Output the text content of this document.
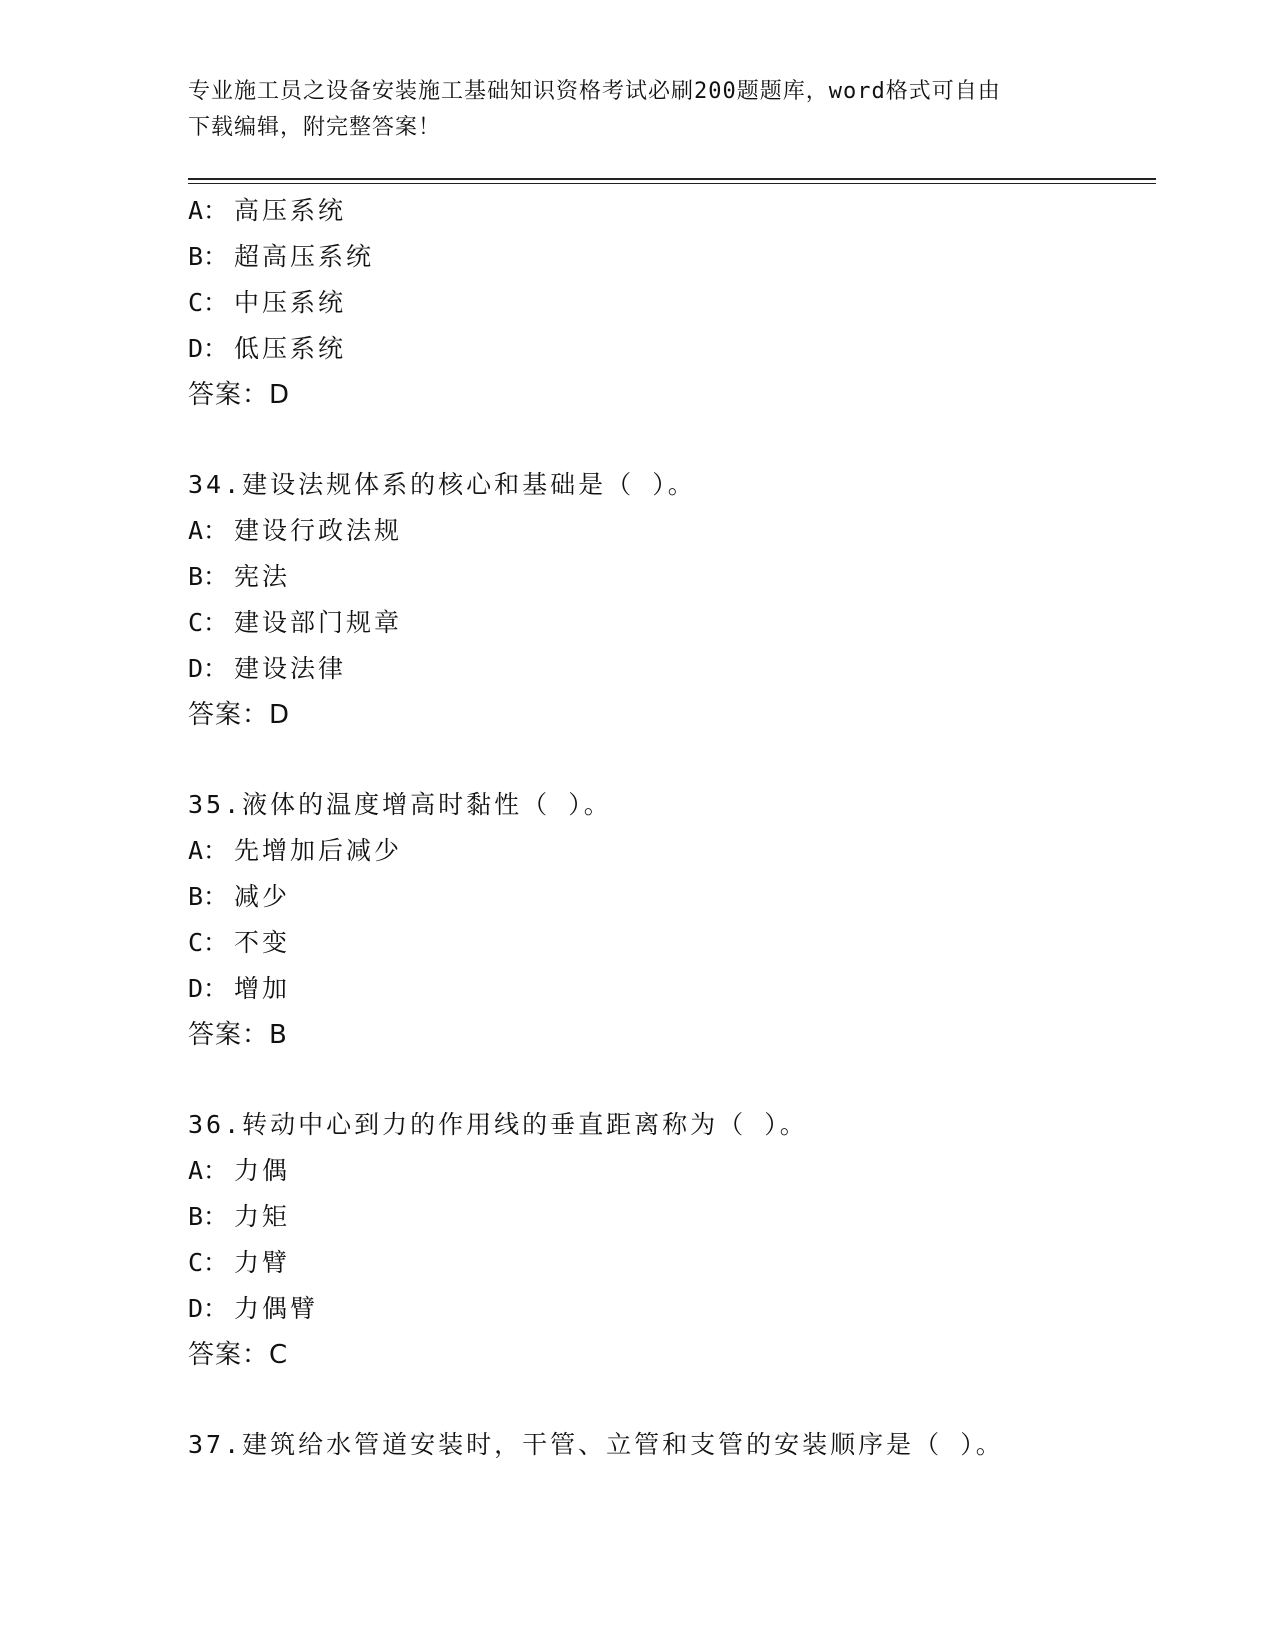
专业施工员之设备安装施工基础知识资格考试必刷200题题库，word格式可自由
下载编辑，附完整答案！
A： 高压系统
B： 超高压系统
C： 中压系统
D： 低压系统
答案：D
34.建设法规体系的核心和基础是（ ）。
A： 建设行政法规
B： 宪法
C： 建设部门规章
D： 建设法律
答案：D
35.液体的温度增高时黏性（ ）。
A： 先增加后减少
B： 减少
C： 不变
D： 增加
答案：B
36.转动中心到力的作用线的垂直距离称为（ ）。
A： 力偶
B： 力矩
C： 力臂
D： 力偶臂
答案：C
37.建筑给水管道安装时，干管、立管和支管的安装顺序是（ ）。
